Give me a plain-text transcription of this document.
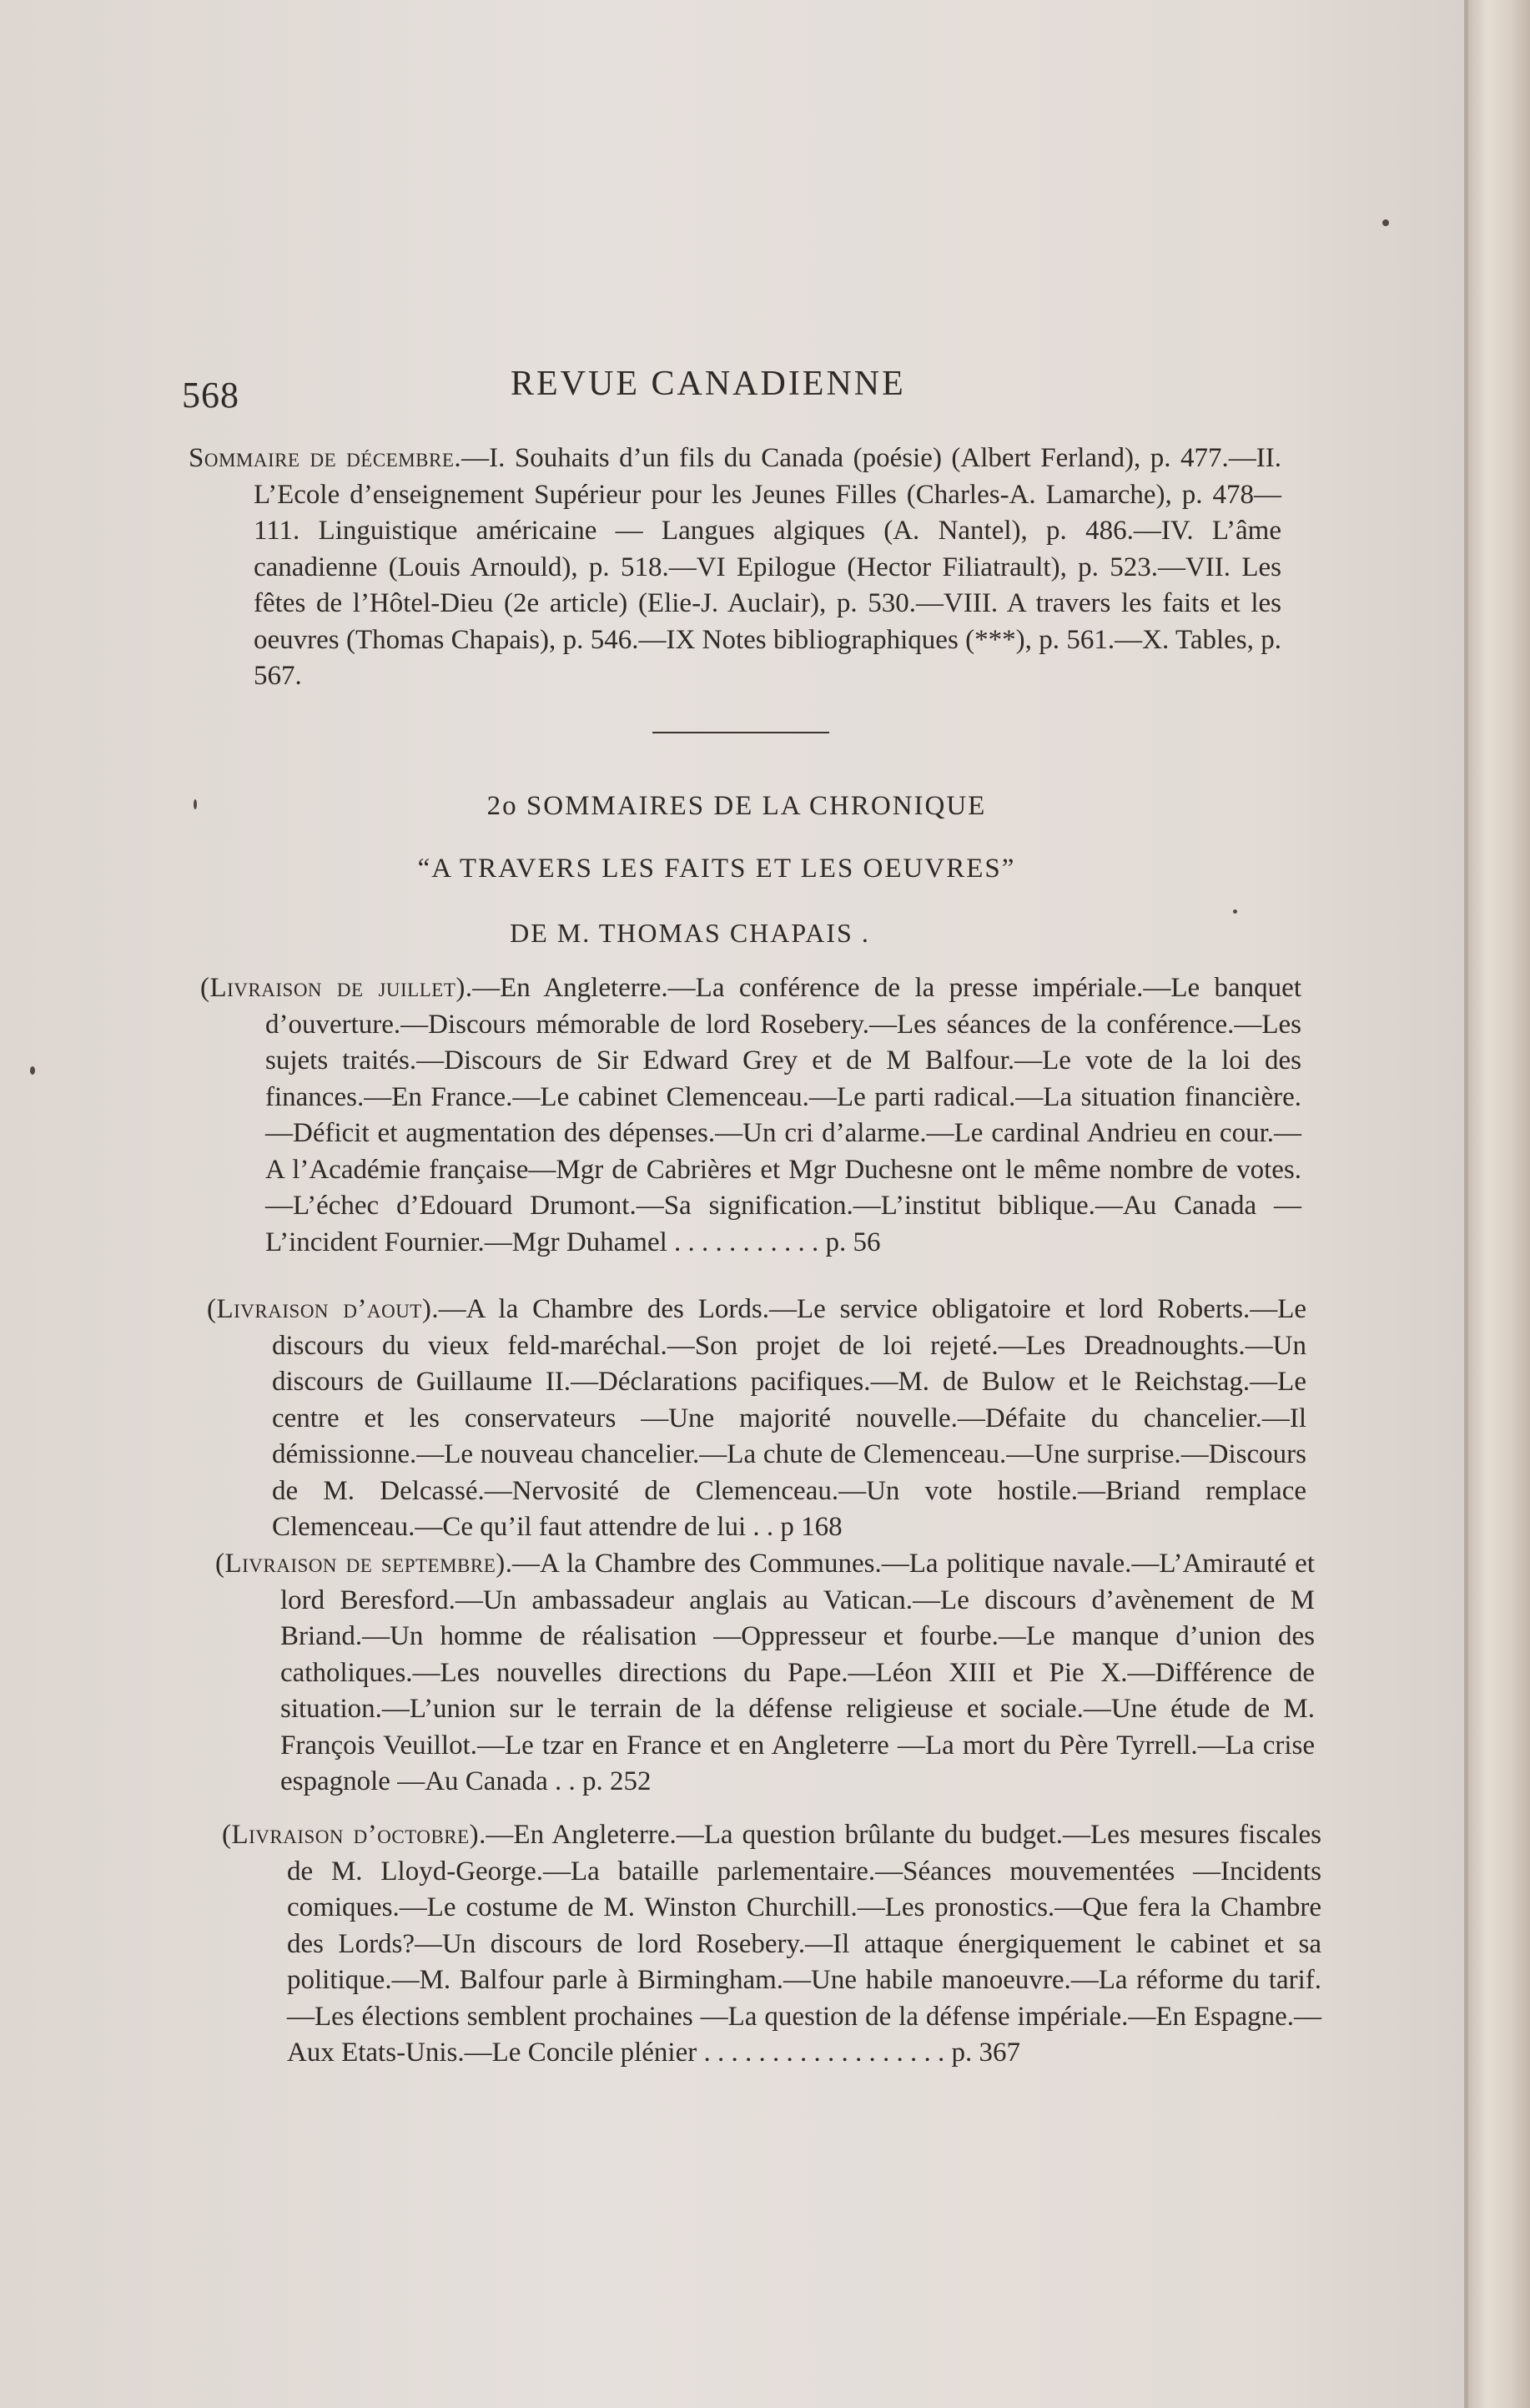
568	REVUE CANADIENNE

Sommaire de décembre.—I. Souhaits d’un fils du Canada (poésie) (Albert Ferland), p. 477.—II. L’Ecole d’enseignement Supérieur pour les Jeunes Filles (Charles-A. Lamarche), p. 478—111. Linguistique américaine — Langues algiques (A. Nantel), p. 486.—IV. L’âme canadienne (Louis Arnould), p. 518.—VI Epilogue (Hector Filiatrault), p. 523.—VII. Les fêtes de l’Hôtel-Dieu (2e article) (Elie-J. Auclair), p. 530.—VIII. A travers les faits et les oeuvres (Thomas Chapais), p. 546.—IX Notes bibliographiques (***), p. 561.—X. Tables, p. 567.

2o SOMMAIRES DE LA CHRONIQUE
“A TRAVERS LES FAITS ET LES OEUVRES”
DE M. THOMAS CHAPAIS .

(Livraison de juillet).—En Angleterre.—La conférence de la presse impériale.—Le banquet d’ouverture.—Discours mémorable de lord Rosebery.—Les séances de la conférence.—Les sujets traités.—Discours de Sir Edward Grey et de M Balfour.—Le vote de la loi des finances.—En France.—Le cabinet Clemenceau.—Le parti radical.—La situation financière.—Déficit et augmentation des dépenses.—Un cri d’alarme.—Le cardinal Andrieu en cour.—A l’Académie française—Mgr de Cabrières et Mgr Duchesne ont le même nombre de votes.—L’échec d’Edouard Drumont.—Sa signification.—L’institut biblique.—Au Canada —L’incident Fournier.—Mgr Duhamel . . . . . . . . . . . p. 56

(Livraison d’aout).—A la Chambre des Lords.—Le service obligatoire et lord Roberts.—Le discours du vieux feld-maréchal.—Son projet de loi rejeté.—Les Dreadnoughts.—Un discours de Guillaume II.—Déclarations pacifiques.—M. de Bulow et le Reichstag.—Le centre et les conservateurs —Une majorité nouvelle.—Défaite du chancelier.—Il démissionne.—Le nouveau chancelier.—La chute de Clemenceau.—Une surprise.—Discours de M. Delcassé.—Nervosité de Clemenceau.—Un vote hostile.—Briand remplace Clemenceau.—Ce qu’il faut attendre de lui . . p 168

(Livraison de septembre).—A la Chambre des Communes.—La politique navale.—L’Amirauté et lord Beresford.—Un ambassadeur anglais au Vatican.—Le discours d’avènement de M Briand.—Un homme de réalisation —Oppresseur et fourbe.—Le manque d’union des catholiques.—Les nouvelles directions du Pape.—Léon XIII et Pie X.—Différence de situation.—L’union sur le terrain de la défense religieuse et sociale.—Une étude de M. François Veuillot.—Le tzar en France et en Angleterre —La mort du Père Tyrrell.—La crise espagnole —Au Canada . . p. 252

(Livraison d’octobre).—En Angleterre.—La question brûlante du budget.—Les mesures fiscales de M. Lloyd-George.—La bataille parlementaire.—Séances mouvementées —Incidents comiques.—Le costume de M. Winston Churchill.—Les pronostics.—Que fera la Chambre des Lords?—Un discours de lord Rosebery.—Il attaque énergiquement le cabinet et sa politique.—M. Balfour parle à Birmingham.—Une habile manoeuvre.—La réforme du tarif.—Les élections semblent prochaines —La question de la défense impériale.—En Espagne.—Aux Etats-Unis.—Le Concile plénier . . . . . . . . . . . . . . . . . . p. 367
